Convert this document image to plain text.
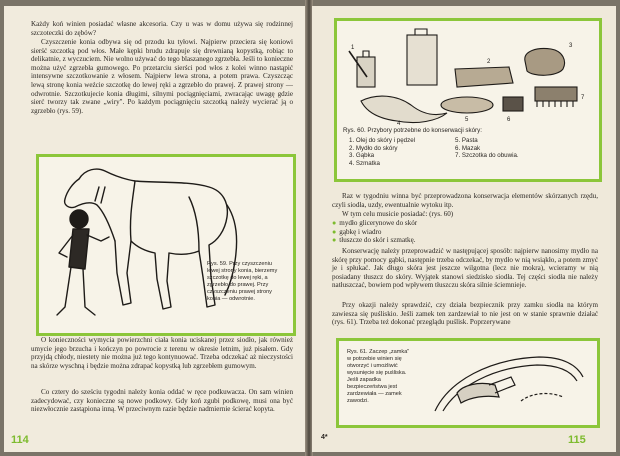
Każdy koń winien posiadać własne akcesoria. Czy u was w domu używa się rodzinnej szczoteczki do zębów?

Czyszczenie konia odbywa się od przodu ku tyłowi. Najpierw przeciera się koniowi sierść szczotką pod włos. Małe kępki brudu zdrapuje się drewnianą kopystką, robiąc to delikatnie, z wyczuciem. Nie wolno używać do tego blaszanego zgrzebła. Jeśli to konieczne można użyć zgrzebła gumowego. Po przetarciu sierści pod włos z kolei winno nastąpić intensywne szczotkowanie z włosem. Najpierw lewa strona, a potem prawa. Czyszcząc lewą stronę konia weźcie szczotkę do lewej ręki a zgrzebło do prawej. Z prawej strony — odwrotnie. Szczotkujecie konia długimi, silnymi pociągnięciami, zwracając uwagę gdzie sierć tworzy tak zwane „wiry". Po każdym pociągnięciu szczotką należy wycierać ją o zgrzebło (rys. 59).

Rys. 59. Przy czyszczeniu lewej strony konia, bierzemy szczotkę do lewej ręki, a zgrzebło do prawej. Przy czyszczeniu prawej strony konia — odwrotnie.

O konieczności wymycia powierzchni ciała konia uciskanej przez siodło, jak również umycie jego brzucha i kończyn po powrocie z terenu w okresie letnim, już pisałem. Gdy przyjdą chłody, niestety nie można już tego kontynuować. Trzeba odczekać aż nieczystości na skórze wyschną i będzie można zdrapać kopystką lub zgrzebłem gumowym.

Co cztery do sześciu tygodni należy konia oddać w ręce podkuwacza. On sam winien zadecydować, czy konieczne są nowe podkowy. Gdy koń zgubi podkowę, musi ona być niezwłocznie zastąpiona inną. W przeciwnym razie będzie nadmiernie ścierać kopyta.

114
1
2
3
4
5	6
7
Rys. 60. Przybory potrzebne do konserwacji skóry:
1. Olej do skóry i pędzel
2. Mydło do skóry
3. Gąbka
4. Szmatka
5. Pasta
6. Mazak
7. Szczotka do obuwia.

Raz w tygodniu winna być przeprowadzona konserwacja elementów skórzanych rzędu, czyli siodła, uzdy, ewentualnie wytoku itp.

W tym celu musicie posiadać: (rys. 60)

● mydło glicerynowe do skór
● gąbkę i wiadro
● tłuszcze do skór i szmatkę.

Konserwację należy przeprowadzić w następującej sposób: najpierw nanosimy mydło na skórę przy pomocy gąbki, następnie trzeba odczekać, by mydło w nią wsiąkło, a potem zmyć je i spłukać. Jak długo skóra jest jeszcze wilgotna (lecz nie mokra), wcieramy w nią posiadany tłuszcz do skóry. Wyjątek stanowi siedzisko siodła. Tej części siodła nie należy natłuszczać, bowiem pod wpływem tłuszczu skóra silnie ściemnieje.

Przy okazji należy sprawdzić, czy działa bezpiecznik przy zamku siodła na którym zawiesza się puśliskio. Jeśli zamek ten zardzewiał to nie jest on w stanie sprawnie działać (rys. 61). Trzeba też dokonać przeglądu puślisk. Poprzerywane

Rys. 61. Zaczep „zamka" w potrzebie winien się otworzyć i umożliwić wysunięcie się puśliska. Jeśli zapadka bezpieczeństwa jest zardzewiała — zamek zawodzi.
4*	115
